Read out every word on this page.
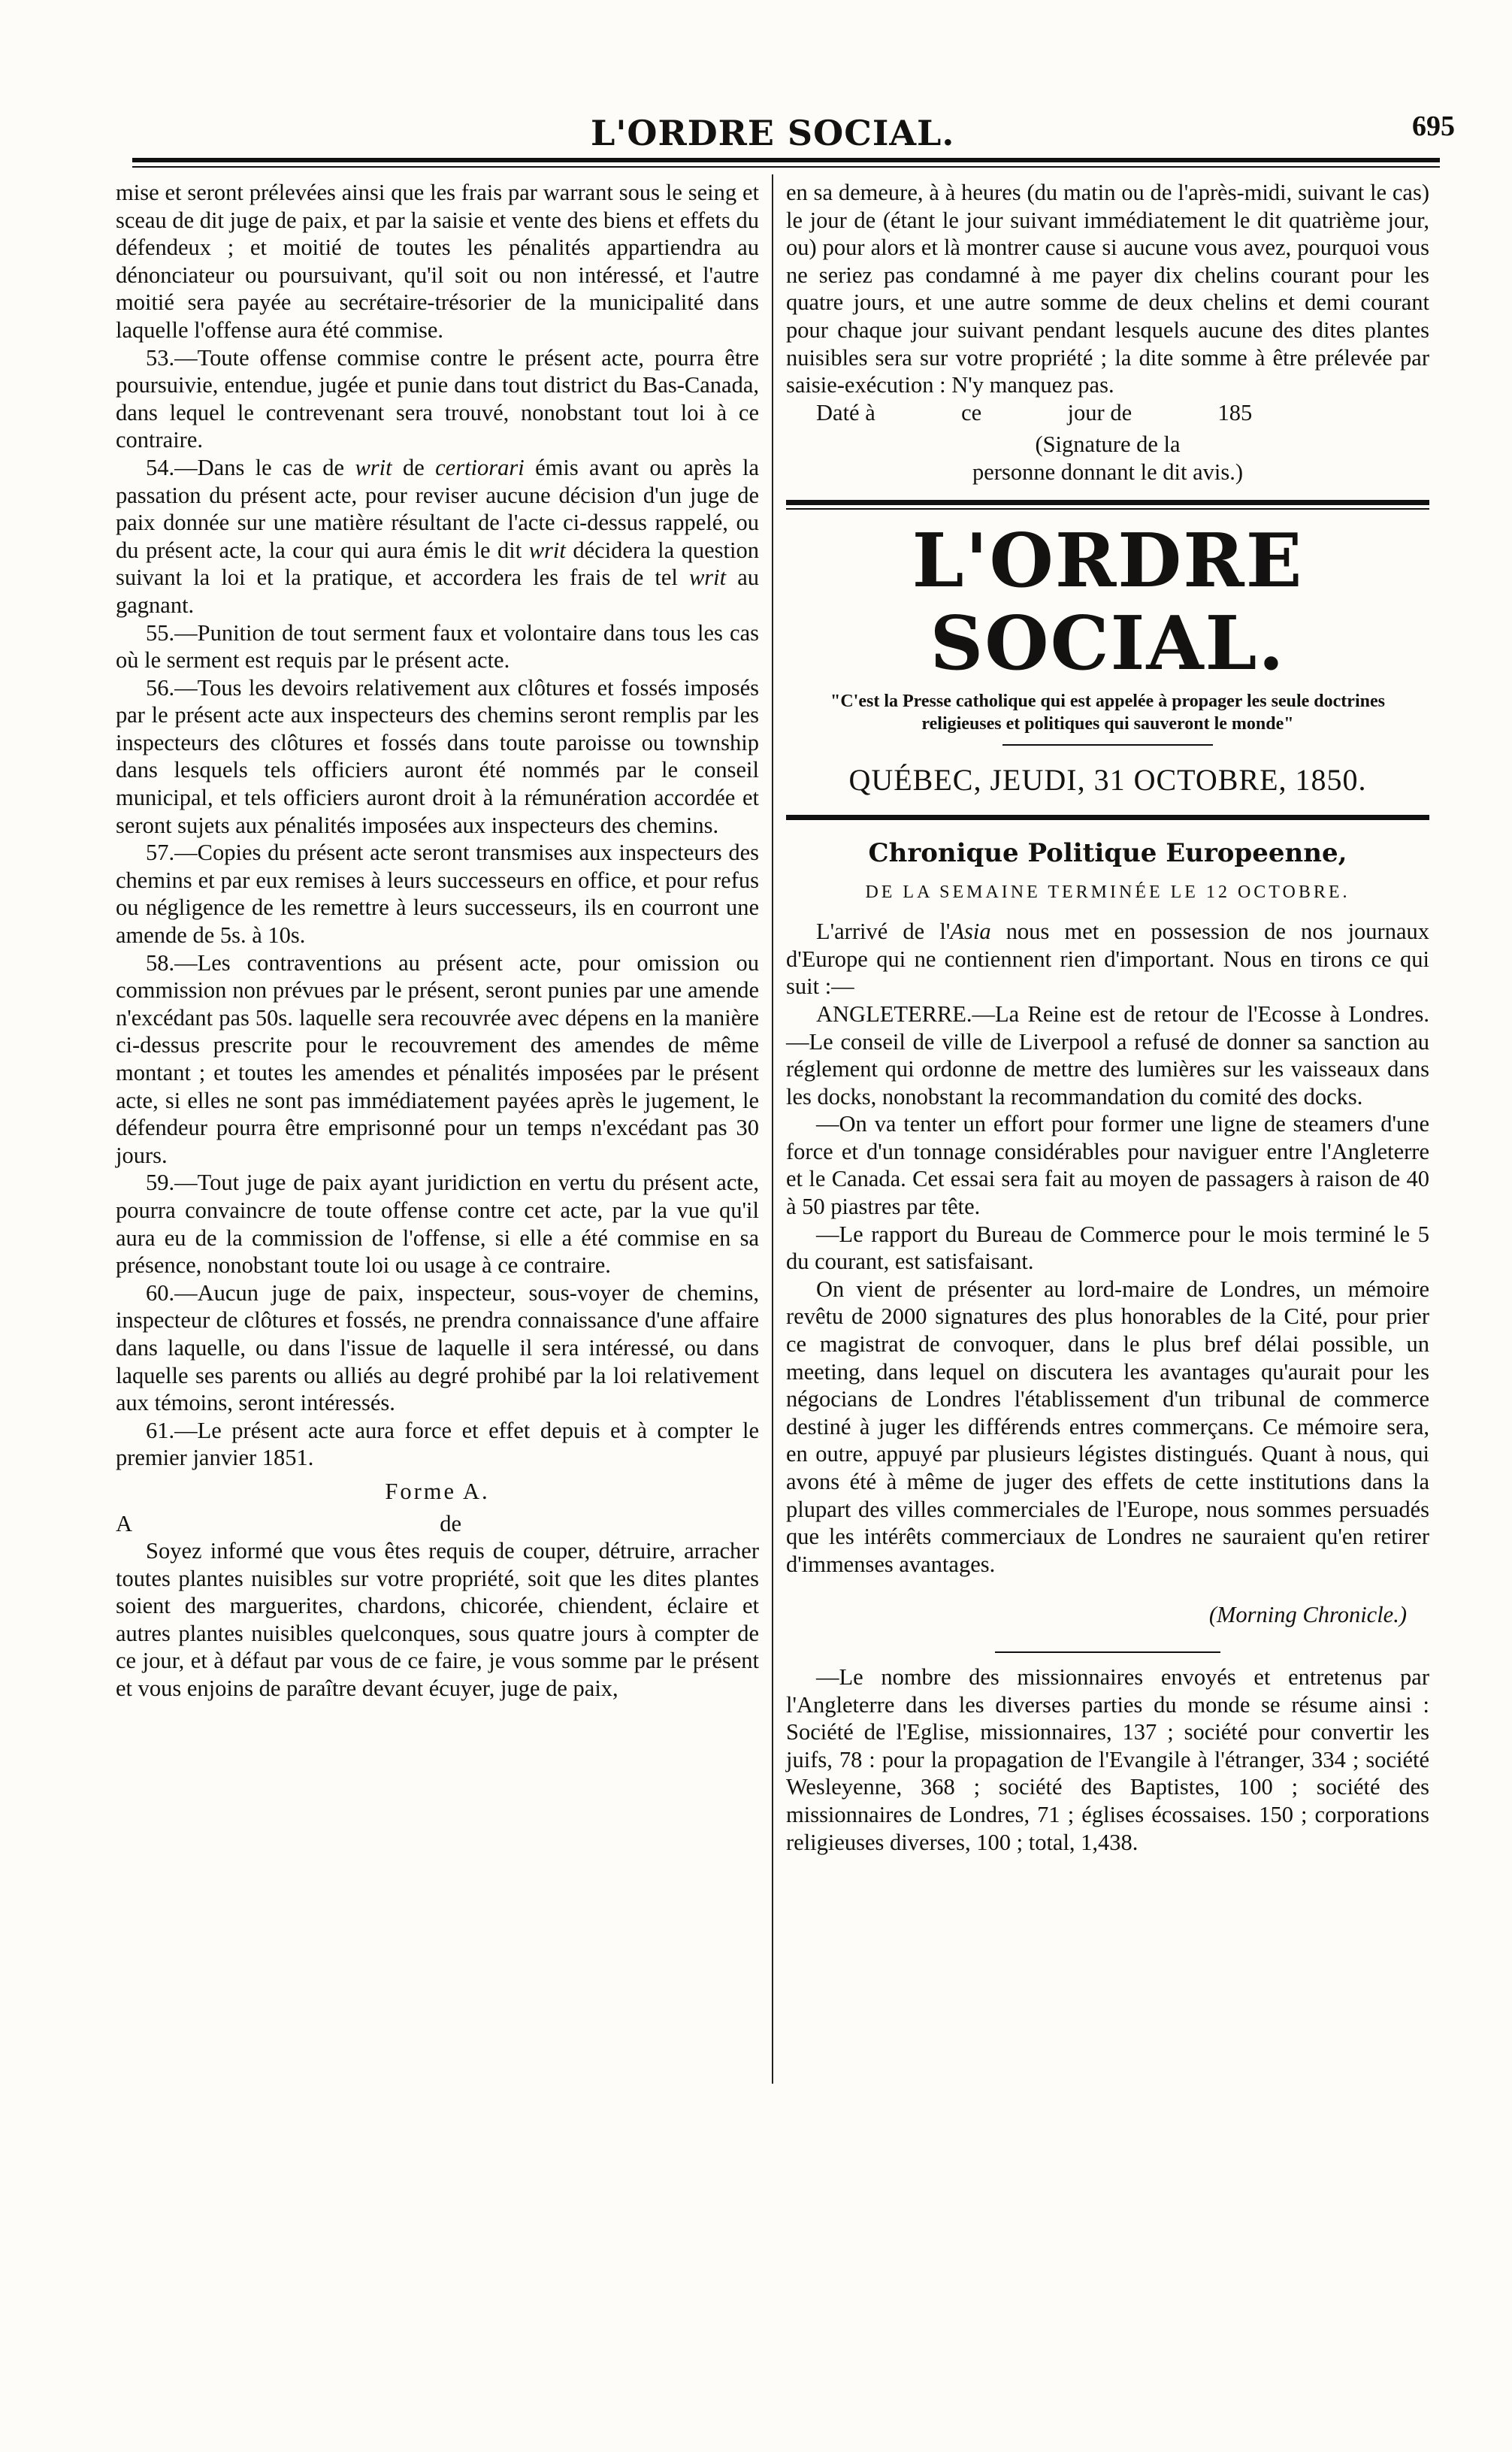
L'ORDRE SOCIAL.	695

mise et seront prélevées ainsi que les frais par warrant sous le seing et sceau de dit juge de paix, et par la saisie et vente des biens et effets du défendeux ; et moitié de toutes les pénalités appartiendra au dénonciateur ou poursuivant, qu'il soit ou non intéressé, et l'autre moitié sera payée au secrétaire-trésorier de la municipalité dans laquelle l'offense aura été commise.

53.—Toute offense commise contre le présent acte, pourra être poursuivie, entendue, jugée et punie dans tout district du Bas-Canada, dans lequel le contrevenant sera trouvé, nonobstant tout loi à ce contraire.

54.—Dans le cas de writ de certiorari émis avant ou après la passation du présent acte, pour reviser aucune décision d'un juge de paix donnée sur une matière résultant de l'acte ci-dessus rappelé, ou du présent acte, la cour qui aura émis le dit writ décidera la question suivant la loi et la pratique, et accordera les frais de tel writ au gagnant.

55.—Punition de tout serment faux et volontaire dans tous les cas où le serment est requis par le présent acte.

56.—Tous les devoirs relativement aux clôtures et fossés imposés par le présent acte aux inspecteurs des chemins seront remplis par les inspecteurs des clôtures et fossés dans toute paroisse ou township dans lesquels tels officiers auront été nommés par le conseil municipal, et tels officiers auront droit à la rémunération accordée et seront sujets aux pénalités imposées aux inspecteurs des chemins.

57.—Copies du présent acte seront transmises aux inspecteurs des chemins et par eux remises à leurs successeurs en office, et pour refus ou négligence de les remettre à leurs successeurs, ils en courront une amende de 5s. à 10s.

58.—Les contraventions au présent acte, pour omission ou commission non prévues par le présent, seront punies par une amende n'excédant pas 50s. laquelle sera recouvrée avec dépens en la manière ci-dessus prescrite pour le recouvrement des amendes de même montant ; et toutes les amendes et pénalités imposées par le présent acte, si elles ne sont pas immédiatement payées après le jugement, le défendeur pourra être emprisonné pour un temps n'excédant pas 30 jours.

59.—Tout juge de paix ayant juridiction en vertu du présent acte, pourra convaincre de toute offense contre cet acte, par la vue qu'il aura eu de la commission de l'offense, si elle a été commise en sa présence, nonobstant toute loi ou usage à ce contraire.

60.—Aucun juge de paix, inspecteur, sous-voyer de chemins, inspecteur de clôtures et fossés, ne prendra connaissance d'une affaire dans laquelle, ou dans l'issue de laquelle il sera intéressé, ou dans laquelle ses parents ou alliés au degré prohibé par la loi relativement aux témoins, seront intéressés.

61.—Le présent acte aura force et effet depuis et à compter le premier janvier 1851.

Forme A.

A	de

Soyez informé que vous êtes requis de couper, détruire, arracher toutes plantes nuisibles sur votre propriété, soit que les dites plantes soient des marguerites, chardons, chicorée, chiendent, éclaire et autres plantes nuisibles quelconques, sous quatre jours à compter de ce jour, et à défaut par vous de ce faire, je vous somme par le présent et vous enjoins de paraître devant écuyer, juge de paix,

en sa demeure, à à heures (du matin ou de l'après-midi, suivant le cas) le jour de (étant le jour suivant immédiatement le dit quatrième jour, ou) pour alors et là montrer cause si aucune vous avez, pourquoi vous ne seriez pas condamné à me payer dix chelins courant pour les quatre jours, et une autre somme de deux chelins et demi courant pour chaque jour suivant pendant lesquels aucune des dites plantes nuisibles sera sur votre propriété ; la dite somme à être prélevée par saisie-exécution : N'y manquez pas.

Daté à               ce               jour de               185

(Signature de la

personne donnant le dit avis.)

L'ORDRE SOCIAL.
"C'est la Presse catholique qui est appelée à propager les seule doctrines religieuses et politiques qui sauveront le monde"
QUÉBEC, JEUDI, 31 OCTOBRE, 1850.
Chronique Politique Europeenne,
DE LA SEMAINE TERMINÉE LE 12 OCTOBRE.

L'arrivé de l'Asia nous met en possession de nos journaux d'Europe qui ne contiennent rien d'important. Nous en tirons ce qui suit :—

ANGLETERRE.—La Reine est de retour de l'Ecosse à Londres.—Le conseil de ville de Liverpool a refusé de donner sa sanction au réglement qui ordonne de mettre des lumières sur les vaisseaux dans les docks, nonobstant la recommandation du comité des docks.

—On va tenter un effort pour former une ligne de steamers d'une force et d'un tonnage considérables pour naviguer entre l'Angleterre et le Canada. Cet essai sera fait au moyen de passagers à raison de 40 à 50 piastres par tête.

—Le rapport du Bureau de Commerce pour le mois terminé le 5 du courant, est satisfaisant.

On vient de présenter au lord-maire de Londres, un mémoire revêtu de 2000 signatures des plus honorables de la Cité, pour prier ce magistrat de convoquer, dans le plus bref délai possible, un meeting, dans lequel on discutera les avantages qu'aurait pour les négocians de Londres l'établissement d'un tribunal de commerce destiné à juger les différends entres commerçans. Ce mémoire sera, en outre, appuyé par plusieurs légistes distingués. Quant à nous, qui avons été à même de juger des effets de cette institutions dans la plupart des villes commerciales de l'Europe, nous sommes persuadés que les intérêts commerciaux de Londres ne sauraient qu'en retirer d'immenses avantages.

(Morning Chronicle.)

—Le nombre des missionnaires envoyés et entretenus par l'Angleterre dans les diverses parties du monde se résume ainsi : Société de l'Eglise, missionnaires, 137 ; société pour convertir les juifs, 78 : pour la propagation de l'Evangile à l'étranger, 334 ; société Wesleyenne, 368 ; société des Baptistes, 100 ; société des missionnaires de Londres, 71 ; églises écossaises. 150 ; corporations religieuses diverses, 100 ; total, 1,438.
